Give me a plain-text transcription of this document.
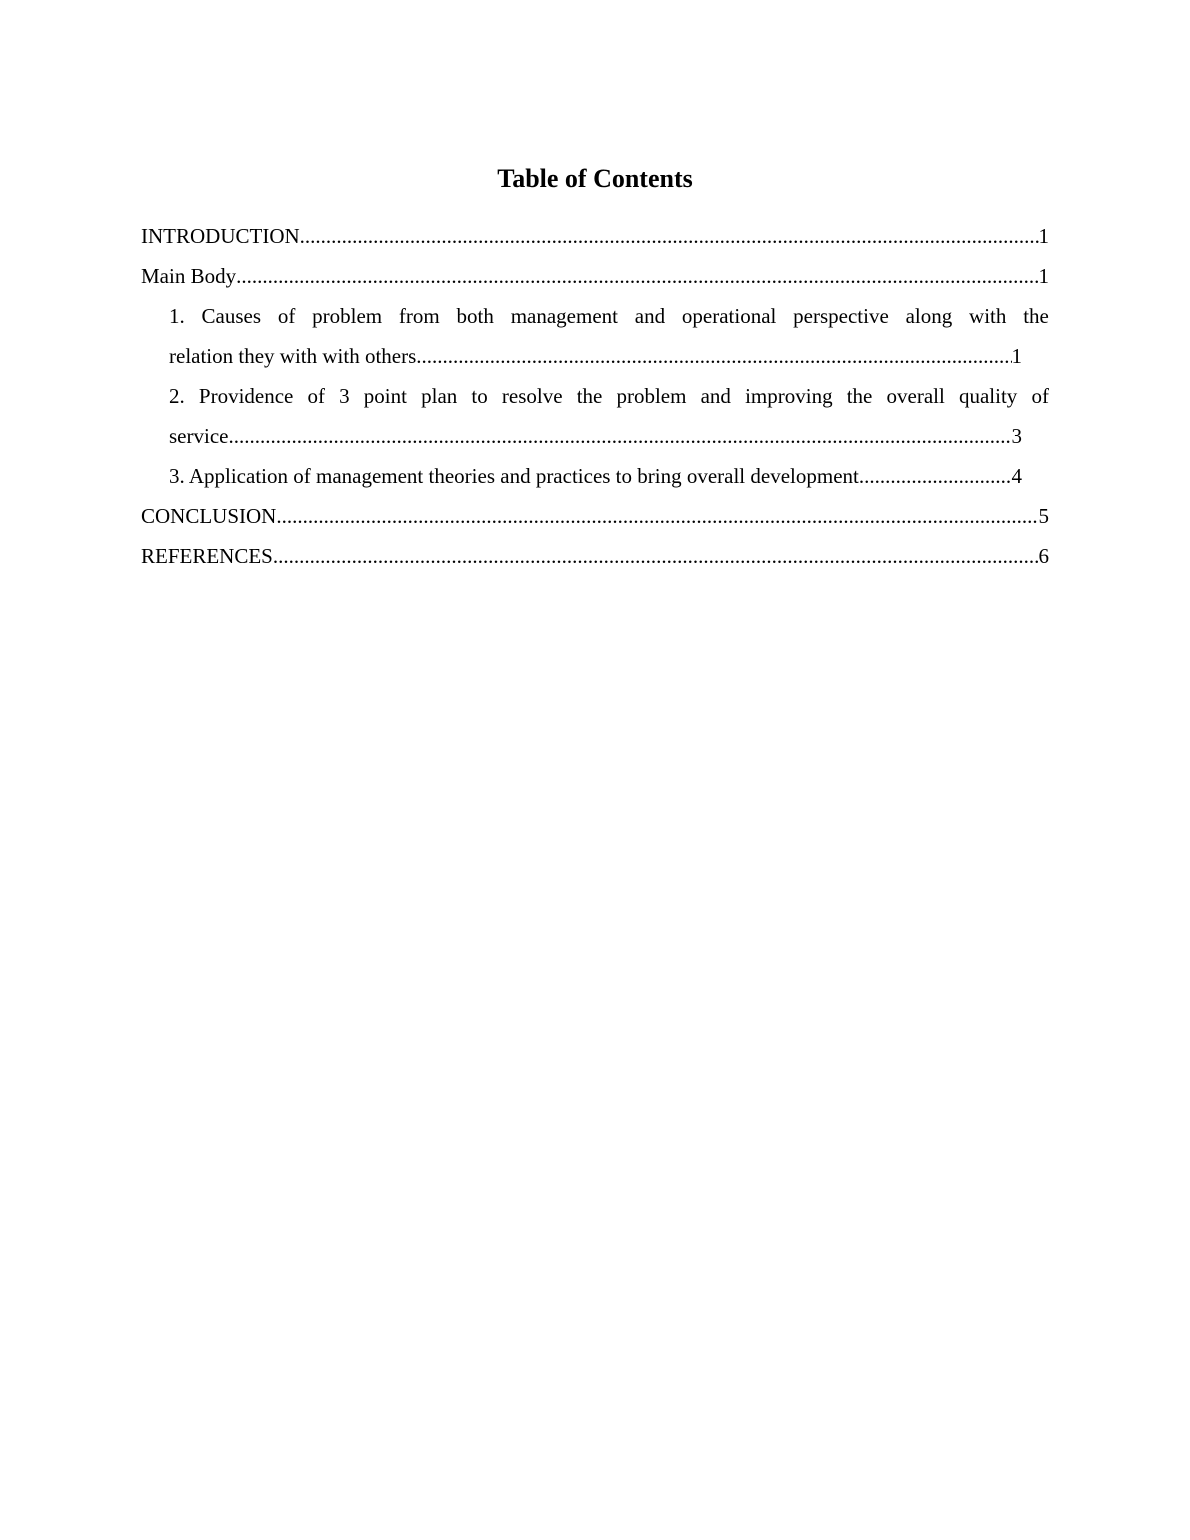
Table of Contents
INTRODUCTION .....	1
Main Body .....	1
1. Causes of problem from both management and operational perspective along with the
relation they with with others .....	1
2. Providence of 3 point plan to resolve the problem and improving the overall quality of
service .....	3
3. Application of management theories and practices to bring overall development .....	4
CONCLUSION .....	5
REFERENCES .....	6
